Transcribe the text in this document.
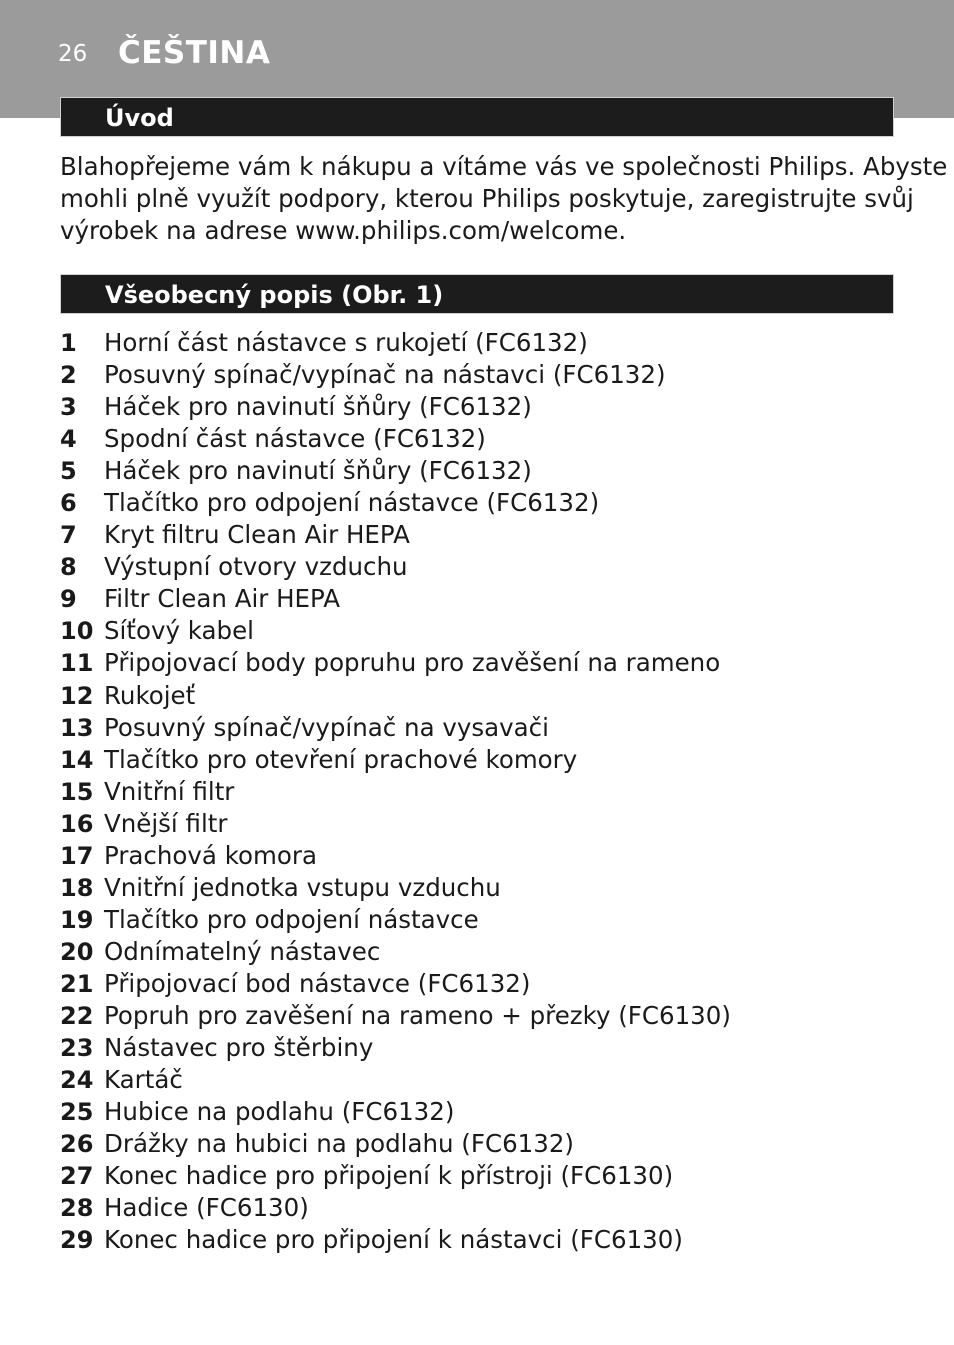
26 ČEŠTINA
Úvod
Blahopřejeme vám k nákupu a vítáme vás ve společnosti Philips. Abyste
mohli plně využít podpory, kterou Philips poskytuje, zaregistrujte svůj
výrobek na adrese www.philips.com/welcome.
Všeobecný popis (Obr. 1)
1	Horní část nástavce s rukojetí (FC6132)
2	Posuvný spínač/vypínač na nástavci (FC6132)
3	Háček pro navinutí šňůry (FC6132)
4	Spodní část nástavce (FC6132)
5	Háček pro navinutí šňůry (FC6132)
6	Tlačítko pro odpojení nástavce (FC6132)
7	Kryt filtru Clean Air HEPA
8	Výstupní otvory vzduchu
9	Filtr Clean Air HEPA
10 Síťový kabel
11 Připojovací body popruhu pro zavěšení na rameno
12 Rukojeť
13 Posuvný spínač/vypínač na vysavači
14 Tlačítko pro otevření prachové komory
15 Vnitřní filtr
16 Vnější filtr
17 Prachová komora
18 Vnitřní jednotka vstupu vzduchu
19 Tlačítko pro odpojení nástavce
20 Odnímatelný nástavec
21 Připojovací bod nástavce (FC6132)
22 Popruh pro zavěšení na rameno + přezky (FC6130)
23 Nástavec pro štěrbiny
24 Kartáč
25 Hubice na podlahu (FC6132)
26 Drážky na hubici na podlahu (FC6132)
27 Konec hadice pro připojení k přístroji (FC6130)
28 Hadice (FC6130)
29 Konec hadice pro připojení k nástavci (FC6130)
